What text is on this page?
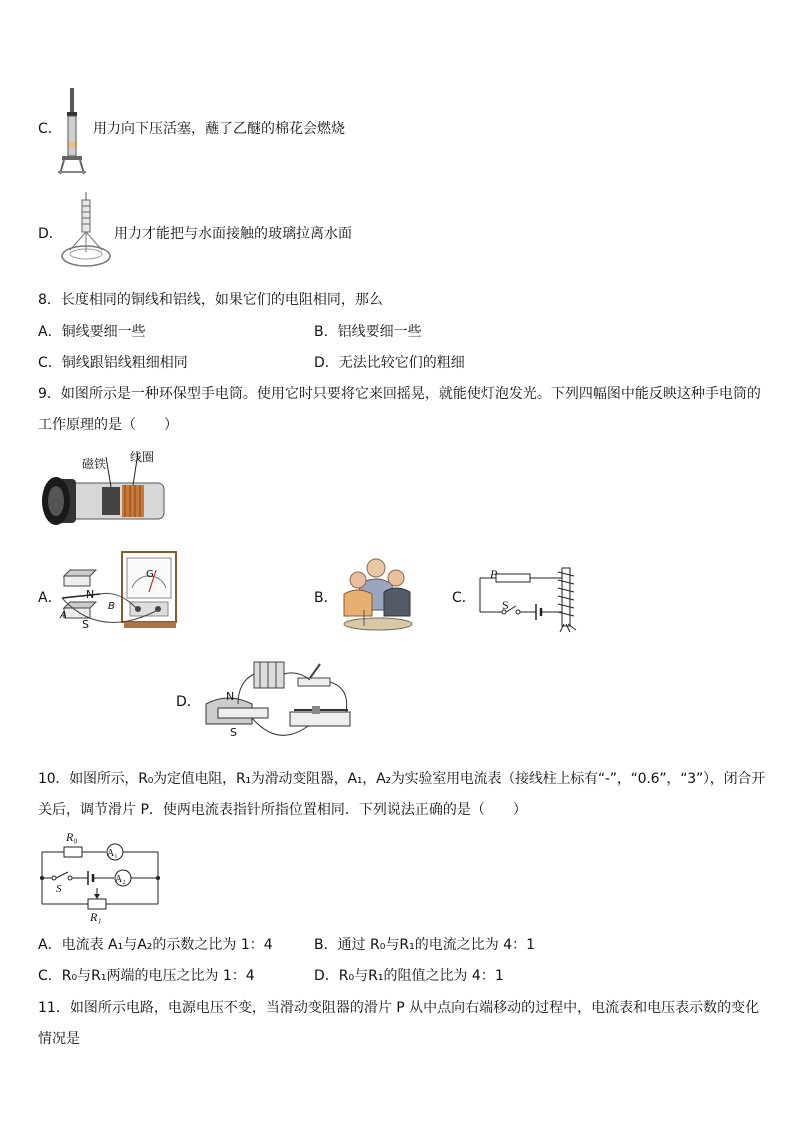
C． 用力向下压活塞，蘸了乙醚的棉花会燃烧
D．	用力才能把与水面接触的玻璃拉离水面
8．长度相同的铜线和铝线，如果它们的电阻相同，那么
A．铜线要细一些	B．铝线要细一些
C．铜线跟铝线粗细相同	D．无法比较它们的粗细
9．如图所示是一种环保型手电筒。使用它时只要将它来回摇晃，就能使灯泡发光。下列四幅图中能反映这种手电筒的
工作原理的是（　　）
磁铁 线圈
A． N
S
A
B
G
B．	C．
P
S
D． N
S
10．如图所示，R₀为定值电阻，R₁为滑动变阻器，A₁，A₂为实验室用电流表（接线柱上标有“-”，“0.6”，“3”），闭合开
关后，调节滑片 P．使两电流表指针所指位置相同．下列说法正确的是（　　）
R₀
A₁
A₂
S
R₁
A．电流表 A₁与A₂的示数之比为 1：4	B．通过 R₀与R₁的电流之比为 4：1
C．R₀与R₁两端的电压之比为 1：4	D．R₀与R₁的阻值之比为 4：1
11．如图所示电路，电源电压不变，当滑动变阻器的滑片 P 从中点向右端移动的过程中，电流表和电压表示数的变化
情况是
